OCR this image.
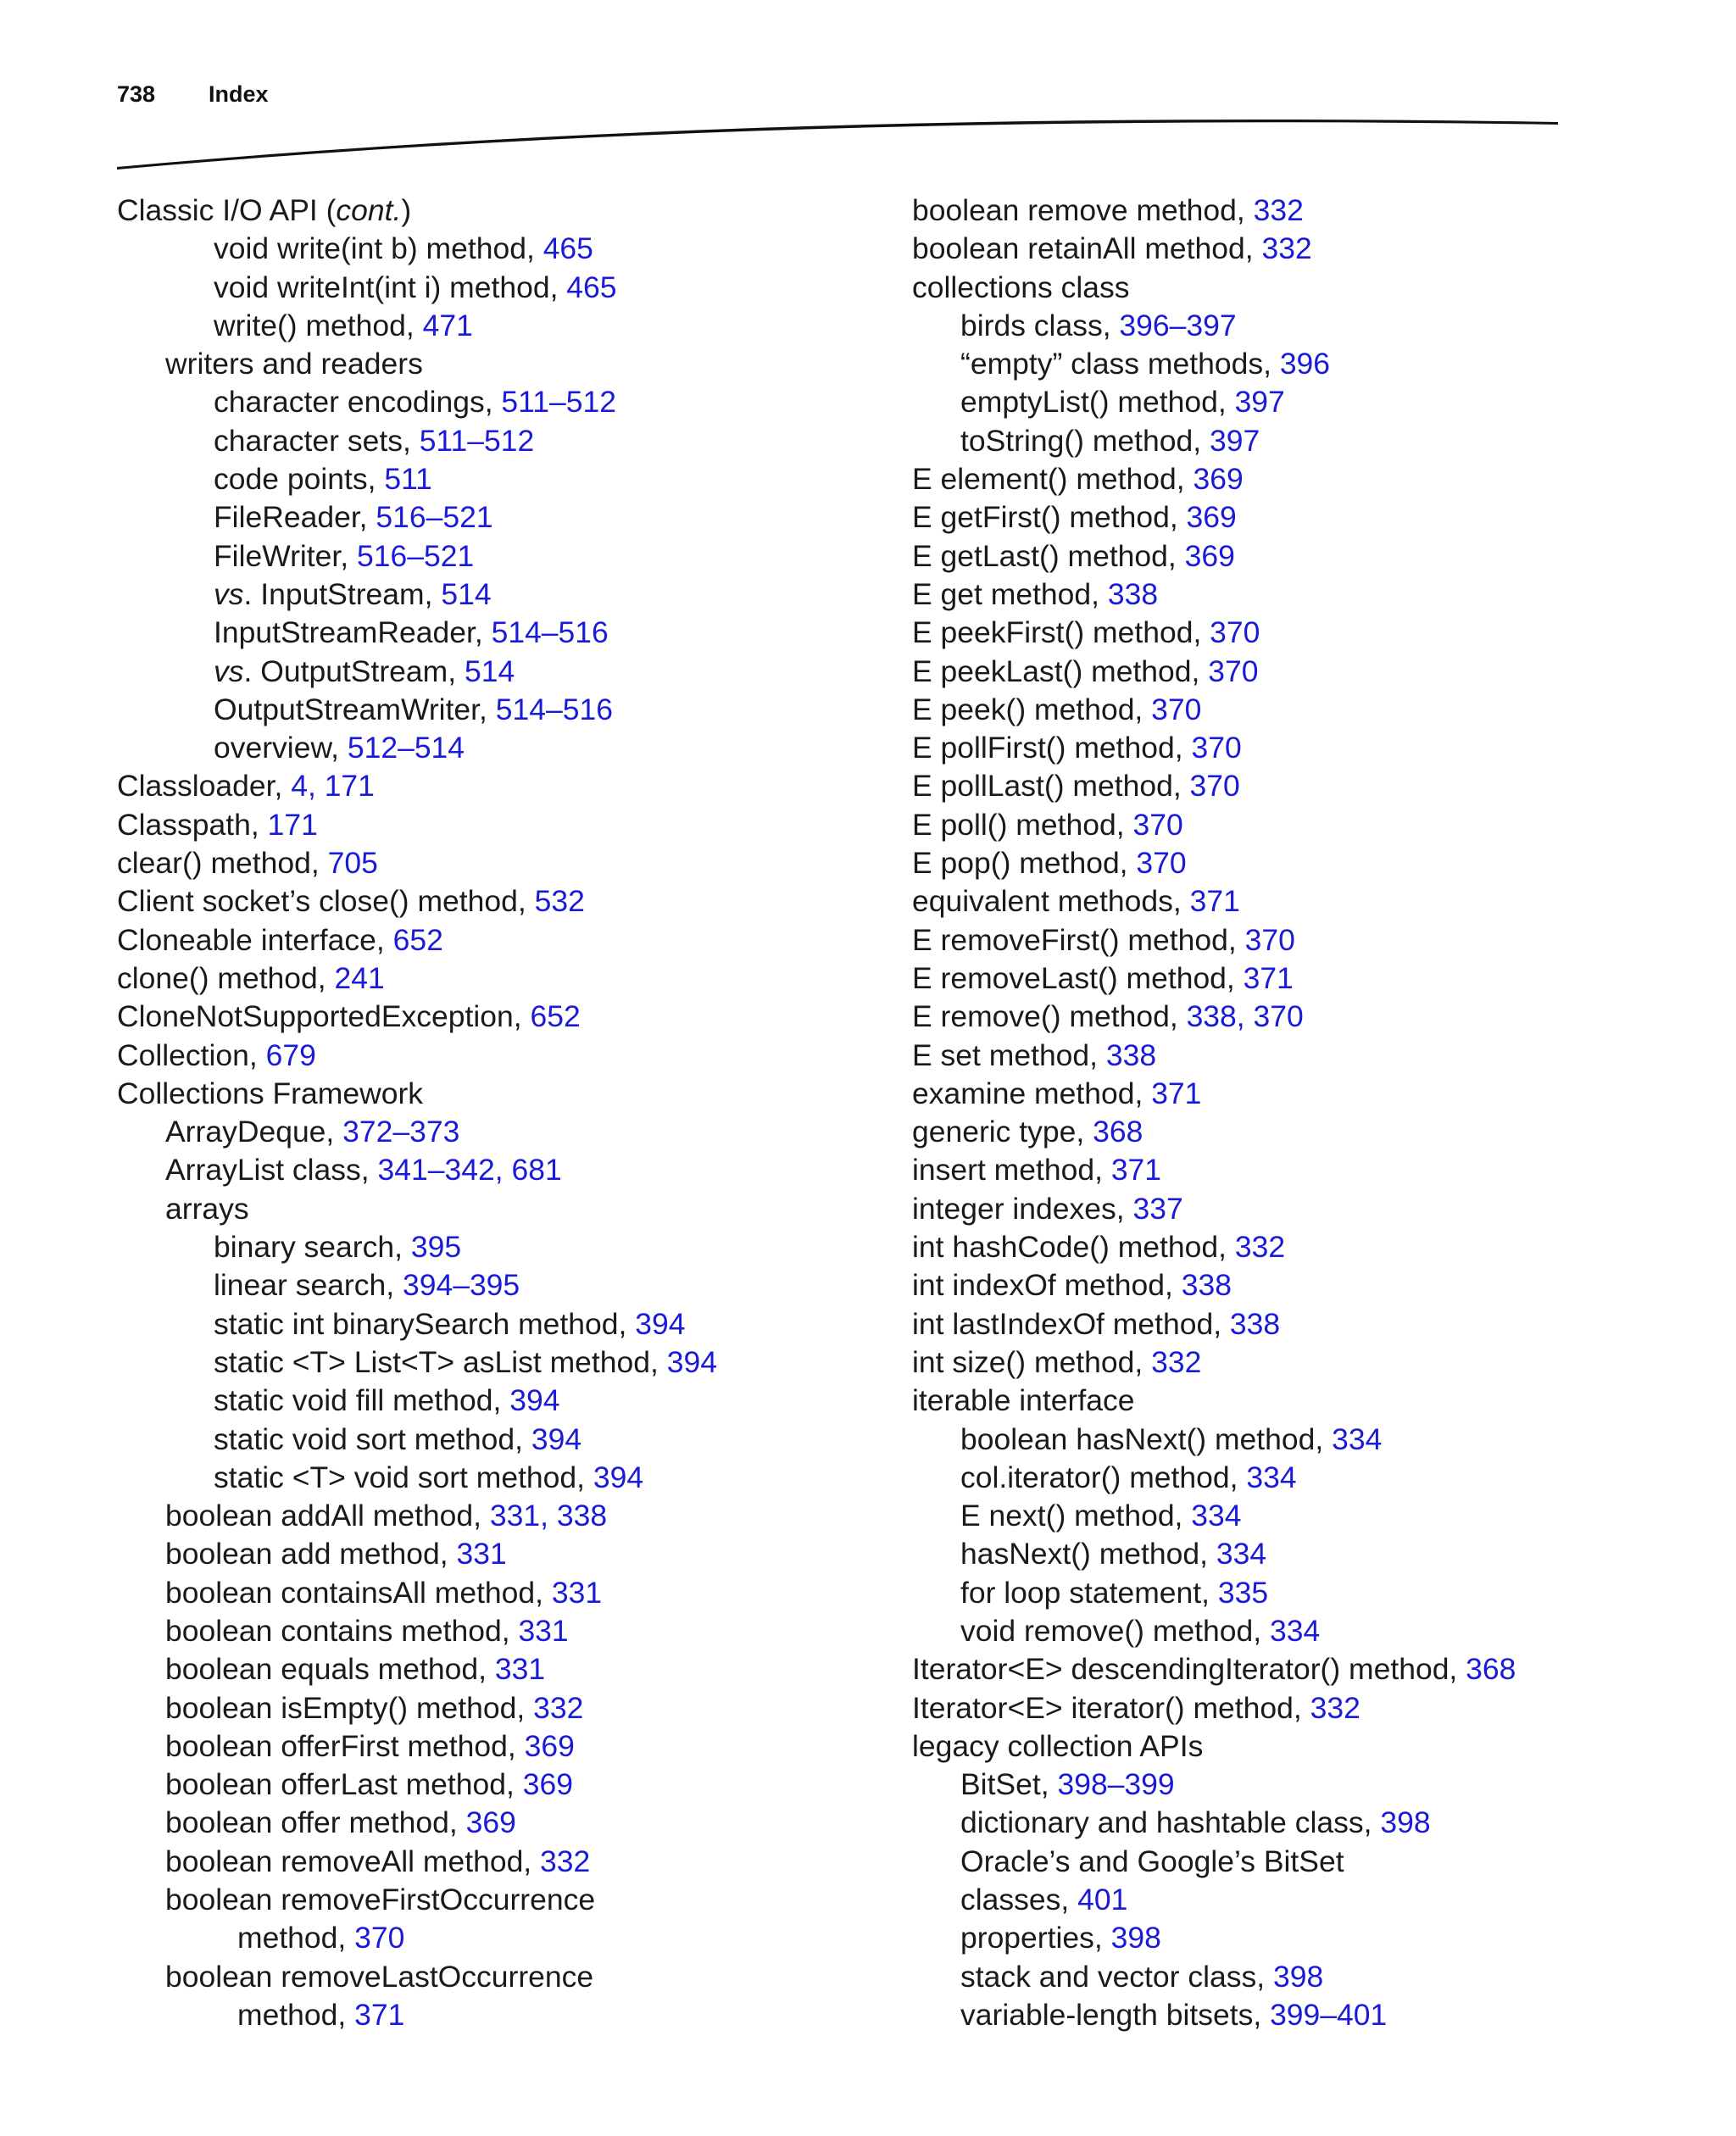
738 Index
Classic I/O API (cont.)
void write(int b) method, 465
void writeInt(int i) method, 465
write() method, 471
writers and readers
character encodings, 511–512
character sets, 511–512
code points, 511
FileReader, 516–521
FileWriter, 516–521
vs. InputStream, 514
InputStreamReader, 514–516
vs. OutputStream, 514
OutputStreamWriter, 514–516
overview, 512–514
Classloader, 4, 171
Classpath, 171
clear() method, 705
Client socket’s close() method, 532
Cloneable interface, 652
clone() method, 241
CloneNotSupportedException, 652
Collection, 679
Collections Framework
ArrayDeque, 372–373
ArrayList class, 341–342, 681
arrays
binary search, 395
linear search, 394–395
static int binarySearch method, 394
static <T> List<T> asList method, 394
static void fill method, 394
static void sort method, 394
static <T> void sort method, 394
boolean addAll method, 331, 338
boolean add method, 331
boolean containsAll method, 331
boolean contains method, 331
boolean equals method, 331
boolean isEmpty() method, 332
boolean offerFirst method, 369
boolean offerLast method, 369
boolean offer method, 369
boolean removeAll method, 332
boolean removeFirstOccurrence
method, 370
boolean removeLastOccurrence
method, 371
boolean remove method, 332
boolean retainAll method, 332
collections class
birds class, 396–397
“empty” class methods, 396
emptyList() method, 397
toString() method, 397
E element() method, 369
E getFirst() method, 369
E getLast() method, 369
E get method, 338
E peekFirst() method, 370
E peekLast() method, 370
E peek() method, 370
E pollFirst() method, 370
E pollLast() method, 370
E poll() method, 370
E pop() method, 370
equivalent methods, 371
E removeFirst() method, 370
E removeLast() method, 371
E remove() method, 338, 370
E set method, 338
examine method, 371
generic type, 368
insert method, 371
integer indexes, 337
int hashCode() method, 332
int indexOf method, 338
int lastIndexOf method, 338
int size() method, 332
iterable interface
boolean hasNext() method, 334
col.iterator() method, 334
E next() method, 334
hasNext() method, 334
for loop statement, 335
void remove() method, 334
Iterator<E> descendingIterator() method, 368
Iterator<E> iterator() method, 332
legacy collection APIs
BitSet, 398–399
dictionary and hashtable class, 398
Oracle’s and Google’s BitSet
classes, 401
properties, 398
stack and vector class, 398
variable-length bitsets, 399–401
